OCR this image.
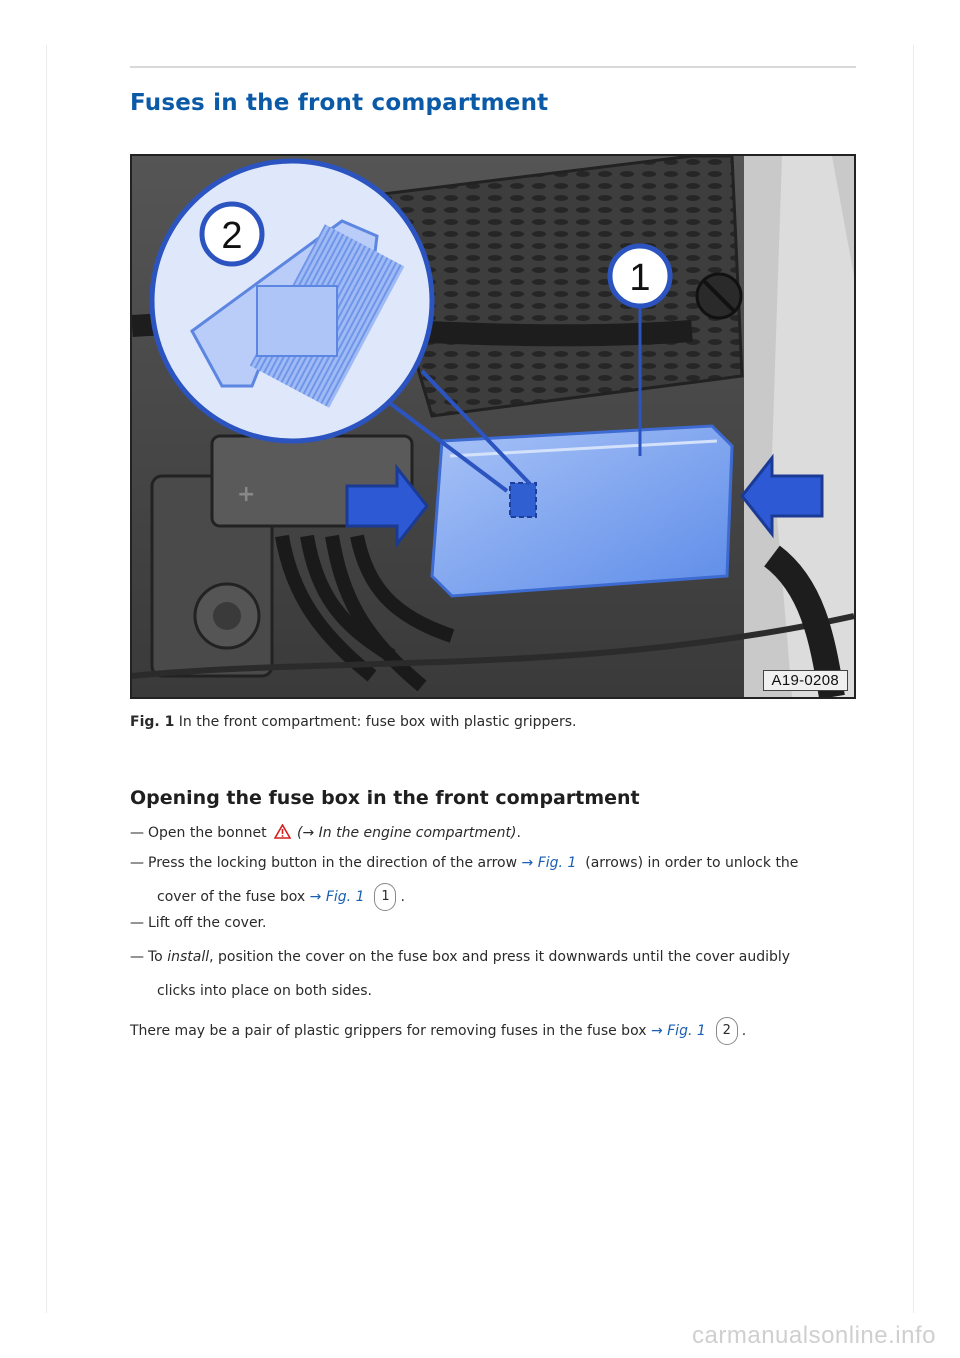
Fuses in the front compartment
+
2
1
A19-0208
Fig. 1 In the front compartment: fuse box with plastic grippers.
Opening the fuse box in the front compartment
— Open the bonnet (→ In the engine compartment).
— Press the locking button in the direction of the arrow → Fig. 1 (arrows) in order to unlock the
cover of the fuse box → Fig. 1 1 .
— Lift off the cover.
— To install, position the cover on the fuse box and press it downwards until the cover audibly
clicks into place on both sides.
There may be a pair of plastic grippers for removing fuses in the fuse box → Fig. 1 2 .
carmanualsonline.info
